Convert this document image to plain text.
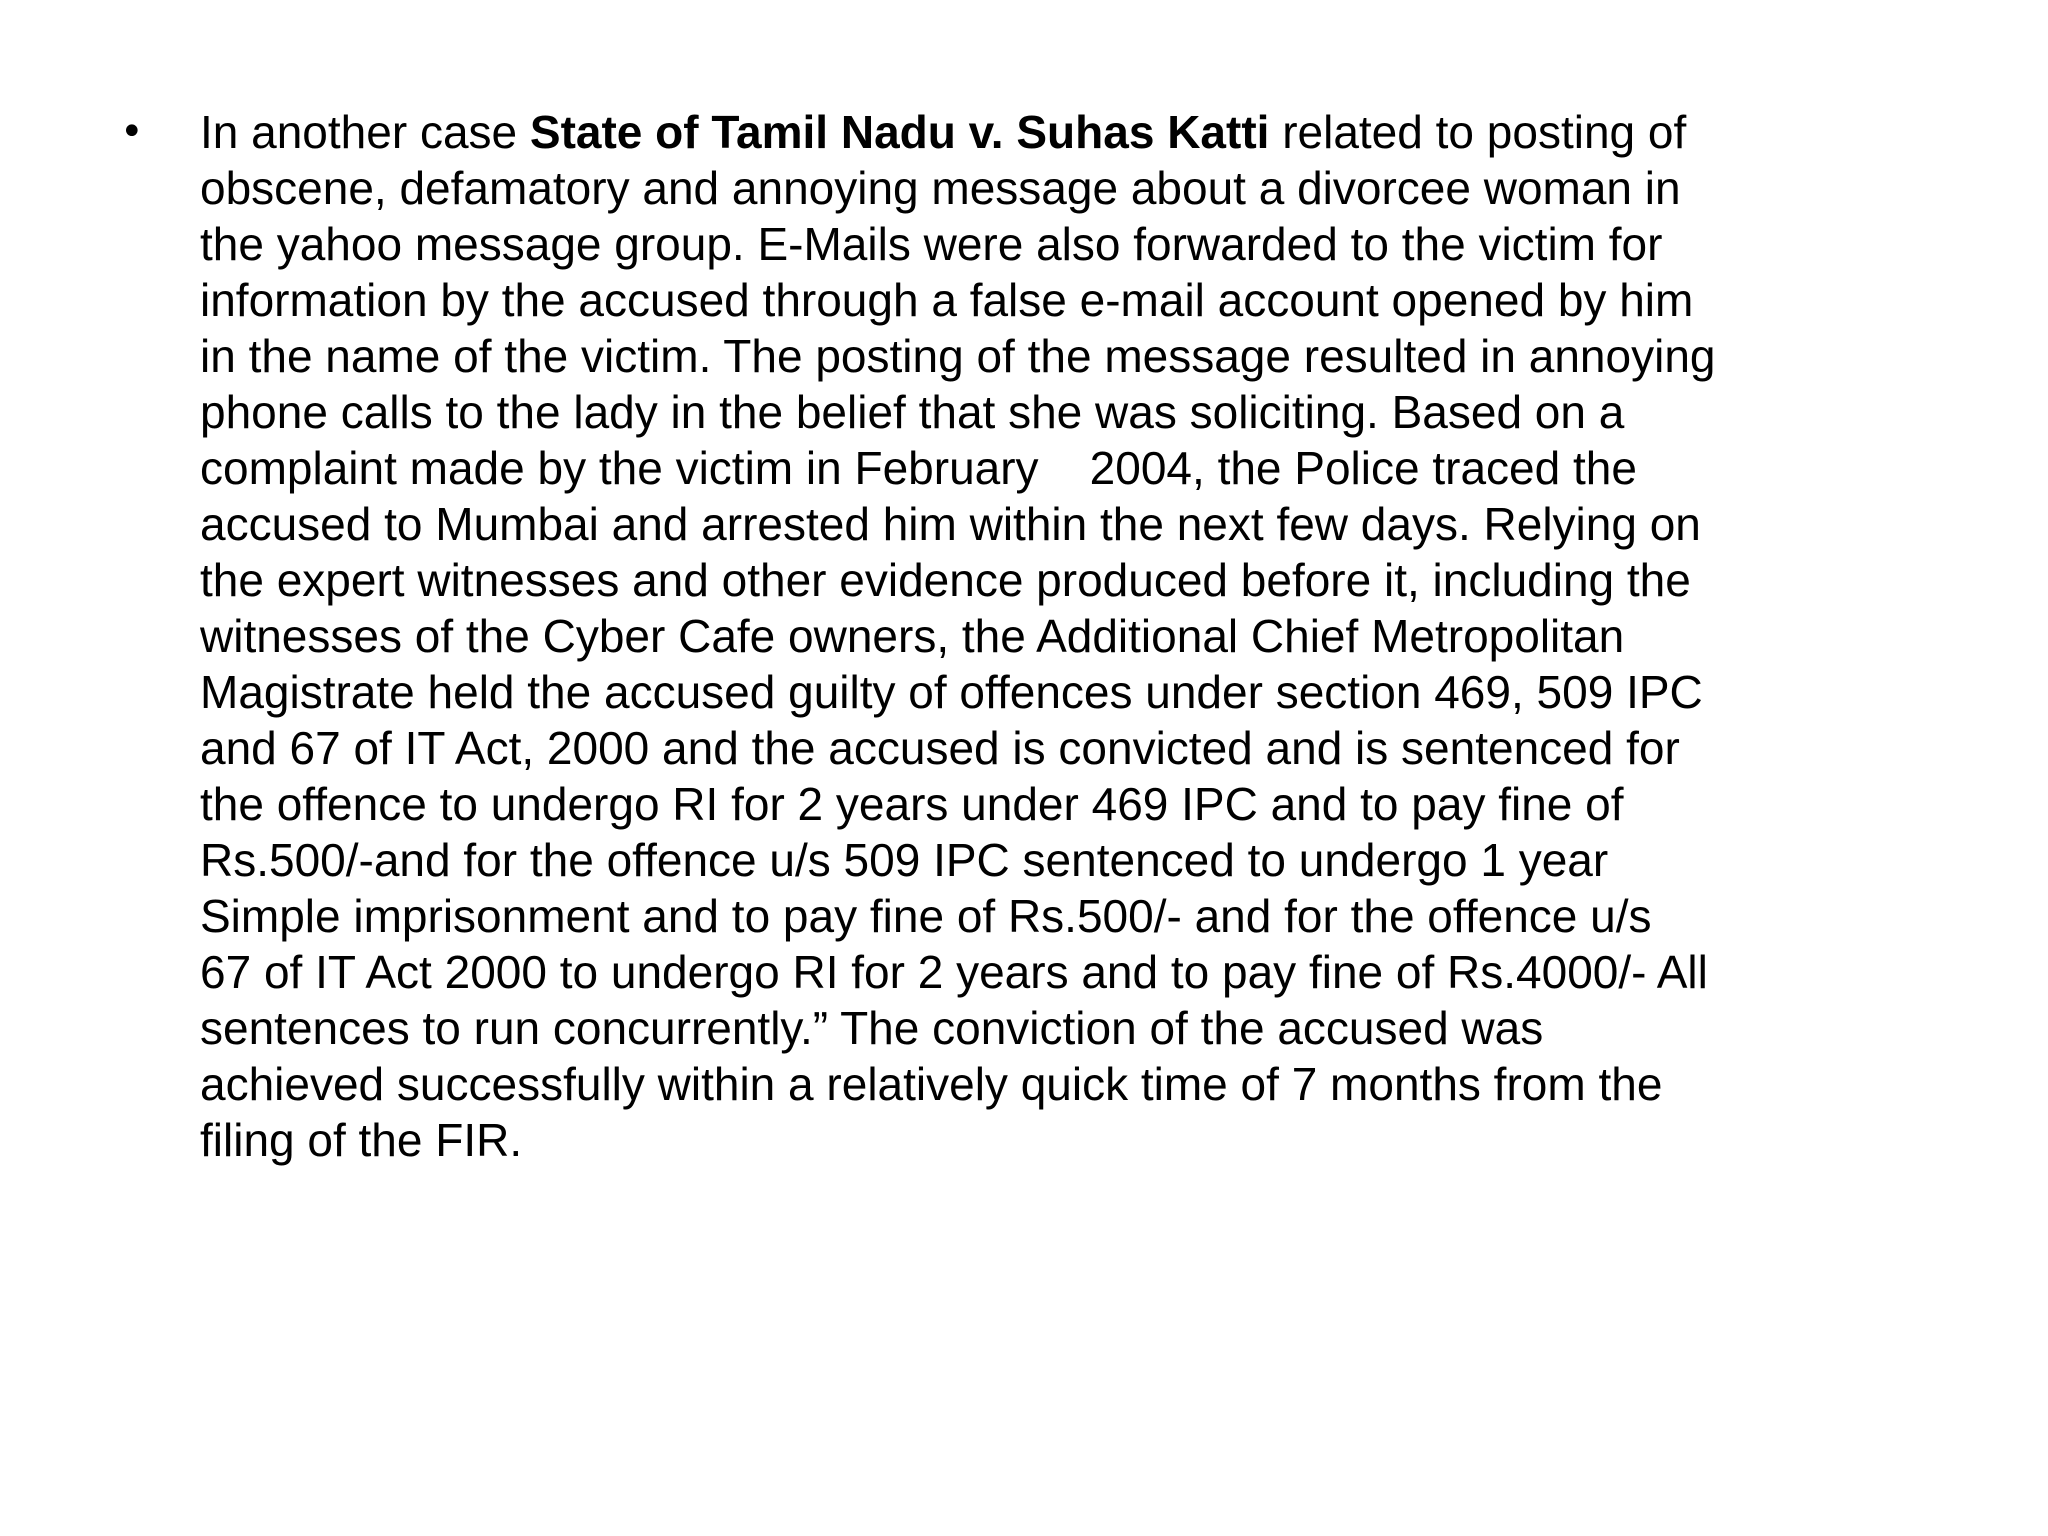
• In another case State of Tamil Nadu v. Suhas Katti related to posting of
obscene, defamatory and annoying message about a divorcee woman in
the yahoo message group. E-Mails were also forwarded to the victim for
information by the accused through a false e-mail account opened by him
in the name of the victim. The posting of the message resulted in annoying
phone calls to the lady in the belief that she was soliciting. Based on a
complaint made by the victim in February    2004, the Police traced the
accused to Mumbai and arrested him within the next few days. Relying on
the expert witnesses and other evidence produced before it, including the
witnesses of the Cyber Cafe owners, the Additional Chief Metropolitan
Magistrate held the accused guilty of offences under section 469, 509 IPC
and 67 of IT Act, 2000 and the accused is convicted and is sentenced for
the offence to undergo RI for 2 years under 469 IPC and to pay fine of
Rs.500/-and for the offence u/s 509 IPC sentenced to undergo 1 year
Simple imprisonment and to pay fine of Rs.500/- and for the offence u/s
67 of IT Act 2000 to undergo RI for 2 years and to pay fine of Rs.4000/- All
sentences to run concurrently.” The conviction of the accused was
achieved successfully within a relatively quick time of 7 months from the
filing of the FIR.
